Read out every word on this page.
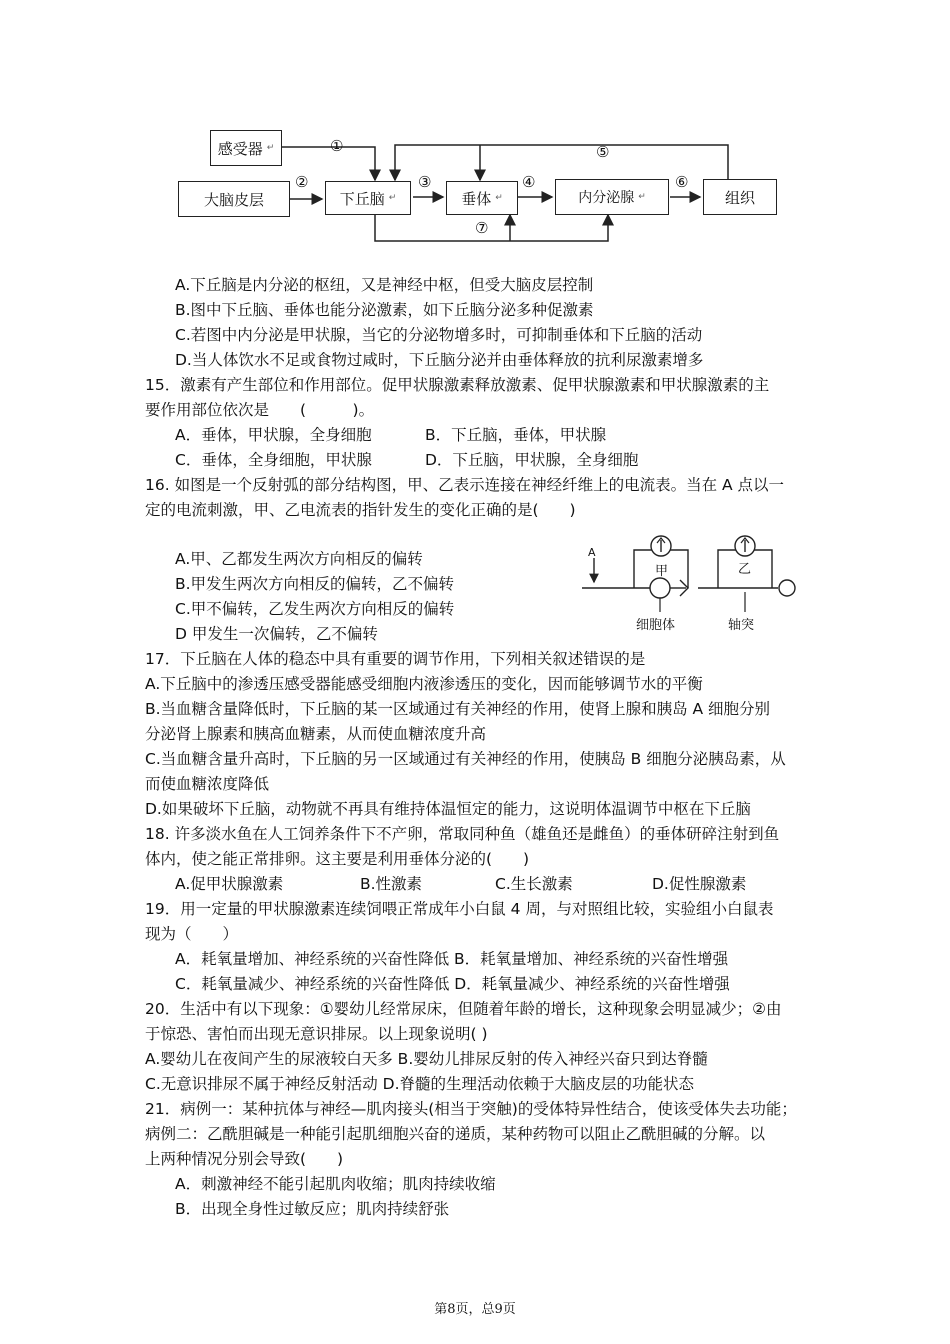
感受器 ↵
大脑皮层	下丘脑 ↵	垂体 ↵	内分泌腺 ↵	组织
①
②	③	④
⑤
⑥
⑦
A.下丘脑是内分泌的枢纽，又是神经中枢，但受大脑皮层控制
B.图中下丘脑、垂体也能分泌激素，如下丘脑分泌多种促激素
C.若图中内分泌是甲状腺，当它的分泌物增多时，可抑制垂体和下丘脑的活动
D.当人体饮水不足或食物过咸时，下丘脑分泌并由垂体释放的抗利尿激素增多
15．激素有产生部位和作用部位。促甲状腺激素释放激素、促甲状腺激素和甲状腺激素的主
要作用部位依次是　　(　　　)。
A．垂体，甲状腺，全身细胞	B．下丘脑，垂体，甲状腺
C．垂体，全身细胞，甲状腺	D．下丘脑，甲状腺，全身细胞
16. 如图是一个反射弧的部分结构图，甲、乙表示连接在神经纤维上的电流表。当在 A 点以一
定的电流刺激，甲、乙电流表的指针发生的变化正确的是(　　)
A.甲、乙都发生两次方向相反的偏转
B.甲发生两次方向相反的偏转，乙不偏转
C.甲不偏转，乙发生两次方向相反的偏转
D 甲发生一次偏转，乙不偏转
A
甲	乙
细胞体	轴突
17．下丘脑在人体的稳态中具有重要的调节作用，下列相关叙述错误的是
A.下丘脑中的渗透压感受器能感受细胞内液渗透压的变化，因而能够调节水的平衡
B.当血糖含量降低时，下丘脑的某一区域通过有关神经的作用，使肾上腺和胰岛 A 细胞分别
分泌肾上腺素和胰高血糖素，从而使血糖浓度升高
C.当血糖含量升高时，下丘脑的另一区域通过有关神经的作用，使胰岛 B 细胞分泌胰岛素，从
而使血糖浓度降低
D.如果破坏下丘脑，动物就不再具有维持体温恒定的能力，这说明体温调节中枢在下丘脑
18. 许多淡水鱼在人工饲养条件下不产卵，常取同种鱼（雄鱼还是雌鱼）的垂体研碎注射到鱼
体内，使之能正常排卵。这主要是利用垂体分泌的(　　)
A.促甲状腺激素	B.性激素	C.生长激素	D.促性腺激素
19．用一定量的甲状腺激素连续饲喂正常成年小白鼠 4 周，与对照组比较，实验组小白鼠表
现为（　　）
A．耗氧量增加、神经系统的兴奋性降低 B．耗氧量增加、神经系统的兴奋性增强
C．耗氧量减少、神经系统的兴奋性降低 D．耗氧量减少、神经系统的兴奋性增强
20．生活中有以下现象：①婴幼儿经常尿床，但随着年龄的增长，这种现象会明显减少；②由
于惊恐、害怕而出现无意识排尿。以上现象说明( )
A.婴幼儿在夜间产生的尿液较白天多 B.婴幼儿排尿反射的传入神经兴奋只到达脊髓
C.无意识排尿不属于神经反射活动 D.脊髓的生理活动依赖于大脑皮层的功能状态
21．病例一：某种抗体与神经—肌肉接头(相当于突触)的受体特异性结合，使该受体失去功能；
病例二：乙酰胆碱是一种能引起肌细胞兴奋的递质，某种药物可以阻止乙酰胆碱的分解。以
上两种情况分别会导致(　　)
A．刺激神经不能引起肌肉收缩；肌肉持续收缩
B．出现全身性过敏反应；肌肉持续舒张
第8页，总9页
